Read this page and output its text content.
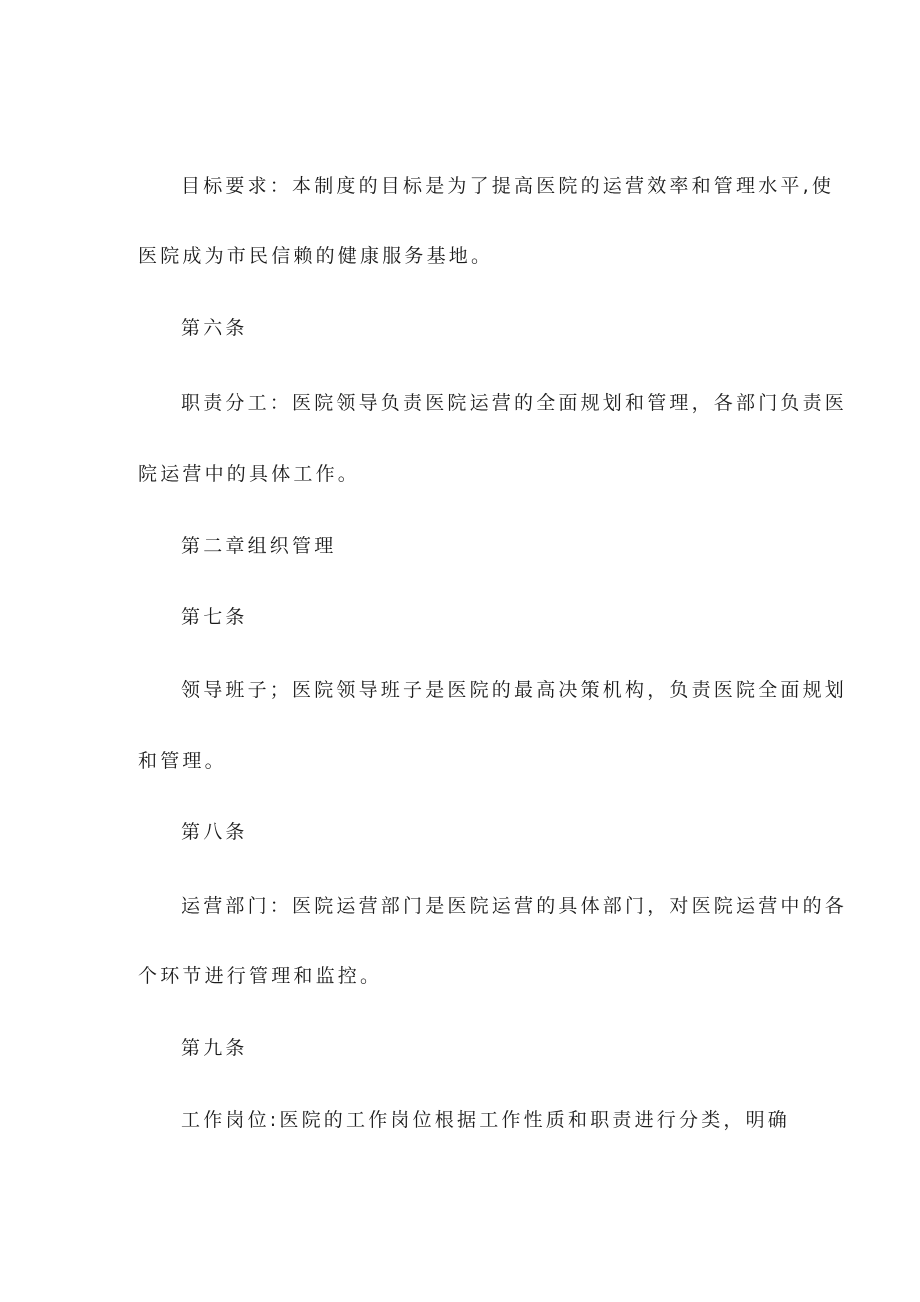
目标要求：本制度的目标是为了提高医院的运营效率和管理水平,使
医院成为市民信赖的健康服务基地。
第六条
职责分工：医院领导负责医院运营的全面规划和管理，各部门负责医
院运营中的具体工作。
第二章组织管理
第七条
领导班子；医院领导班子是医院的最高决策机构，负责医院全面规划
和管理。
第八条
运营部门：医院运营部门是医院运营的具体部门，对医院运营中的各
个环节进行管理和监控。
第九条
工作岗位:医院的工作岗位根据工作性质和职责进行分类，明确
